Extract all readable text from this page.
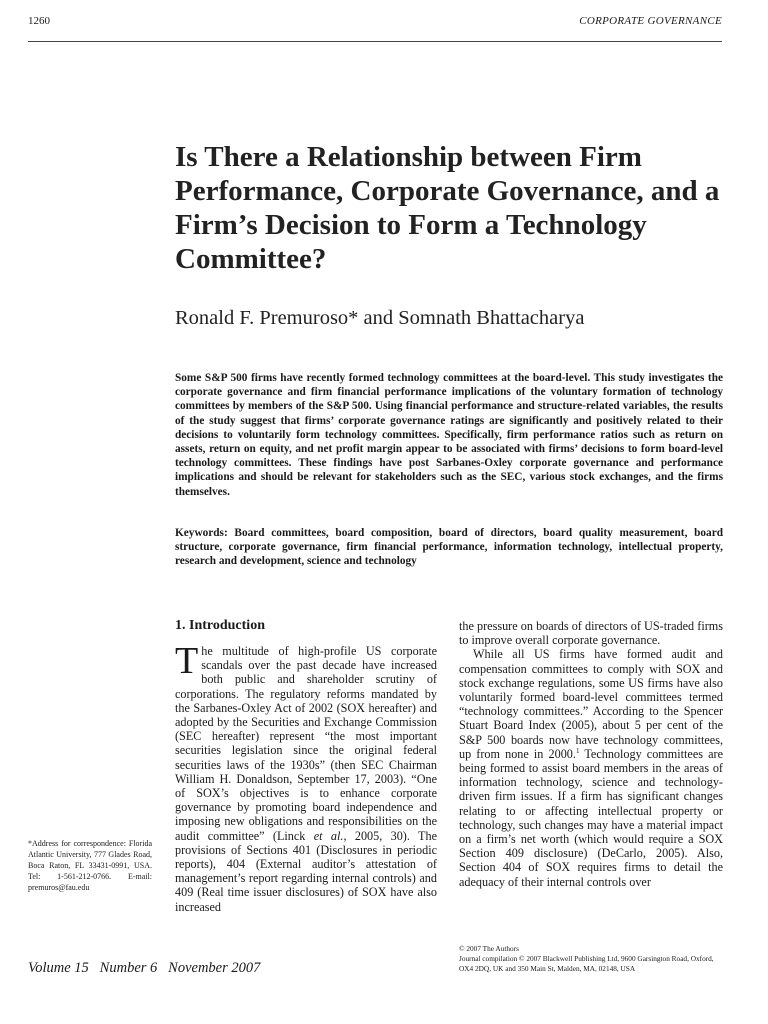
1260	CORPORATE GOVERNANCE
Is There a Relationship between Firm Performance, Corporate Governance, and a Firm’s Decision to Form a Technology Committee?
Ronald F. Premuroso* and Somnath Bhattacharya

Some S&P 500 firms have recently formed technology committees at the board-level. This study investigates the corporate governance and firm financial performance implications of the voluntary formation of technology committees by members of the S&P 500. Using financial performance and structure-related variables, the results of the study suggest that firms’ corporate governance ratings are significantly and positively related to their decisions to voluntarily form technology committees. Specifically, firm performance ratios such as return on assets, return on equity, and net profit margin appear to be associated with firms’ decisions to form board-level technology committees. These findings have post Sarbanes-Oxley corporate governance and performance implications and should be relevant for stakeholders such as the SEC, various stock exchanges, and the firms themselves.

Keywords: Board committees, board composition, board of directors, board quality measurement, board structure, corporate governance, firm financial performance, information technology, intellectual property, research and development, science and technology

1. Introduction

The multitude of high-profile US corporate scandals over the past decade have increased both public and shareholder scrutiny of corporations. The regulatory reforms mandated by the Sarbanes-Oxley Act of 2002 (SOX hereafter) and adopted by the Securities and Exchange Commission (SEC hereafter) represent “the most important securities legislation since the original federal securities laws of the 1930s” (then SEC Chairman William H. Donaldson, September 17, 2003). “One of SOX’s objectives is to enhance corporate governance by promoting board independence and imposing new obligations and responsibilities on the audit committee” (Linck et al., 2005, 30). The provisions of Sections 401 (Disclosures in periodic reports), 404 (External auditor’s attestation of management’s report regarding internal controls) and 409 (Real time issuer disclosures) of SOX have also increased

the pressure on boards of directors of US-traded firms to improve overall corporate governance.

While all US firms have formed audit and compensation committees to comply with SOX and stock exchange regulations, some US firms have also voluntarily formed board-level committees termed “technology committees.” According to the Spencer Stuart Board Index (2005), about 5 per cent of the S&P 500 boards now have technology committees, up from none in 2000.$^1$ Technology committees are being formed to assist board members in the areas of information technology, science and technology-driven firm issues. If a firm has significant changes relating to or affecting intellectual property or technology, such changes may have a material impact on a firm’s net worth (which would require a SOX Section 409 disclosure) (DeCarlo, 2005). Also, Section 404 of SOX requires firms to detail the adequacy of their internal controls over

*Address for correspondence: Florida Atlantic University, 777 Glades Road, Boca Raton, FL 33431-0991, USA. Tel: 1-561-212-0766. E-mail: premuros@fau.edu
Volume 15   Number 6   November 2007
© 2007 The Authors
Journal compilation © 2007 Blackwell Publishing Ltd, 9600 Garsington Road, Oxford, OX4 2DQ, UK and 350 Main St, Malden, MA, 02148, USA
